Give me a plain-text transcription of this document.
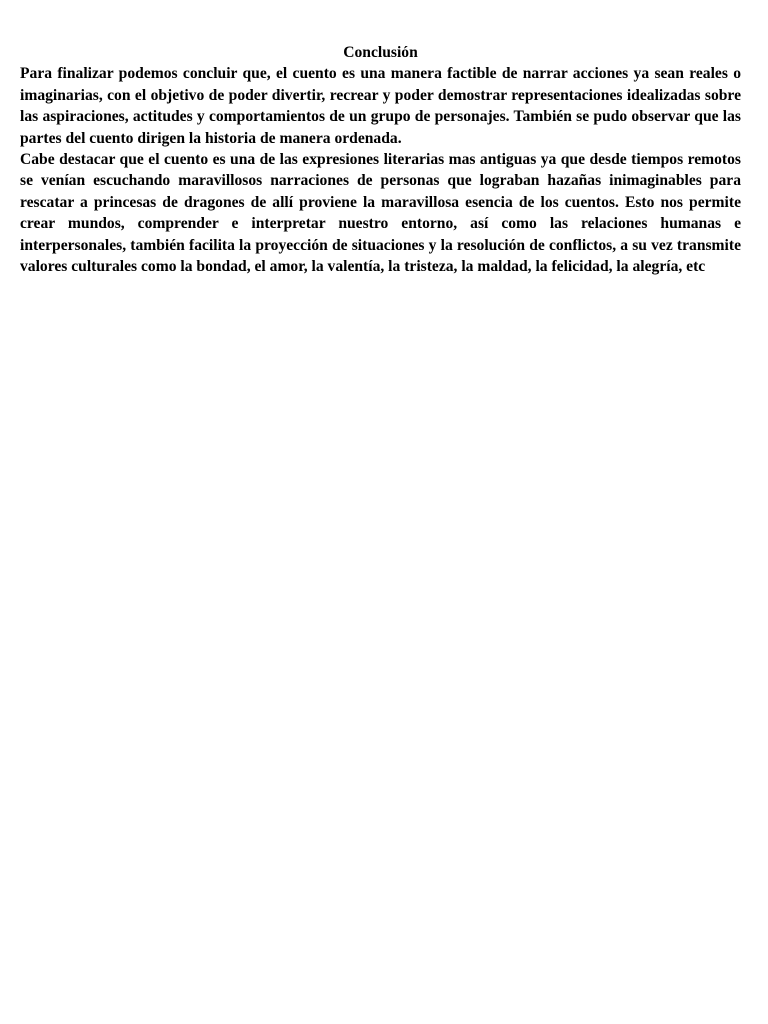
Conclusión

Para finalizar podemos concluir que, el cuento es una manera factible de narrar acciones ya sean reales o imaginarias, con el objetivo de poder divertir, recrear y poder demostrar representaciones idealizadas sobre las aspiraciones, actitudes y comportamientos de un grupo de personajes. También se pudo observar que las partes del cuento dirigen la historia de manera ordenada.

Cabe destacar que el cuento es una de las expresiones literarias mas antiguas ya que desde tiempos remotos se venían escuchando maravillosos narraciones de personas que lograban hazañas inimaginables para rescatar a princesas de dragones de allí proviene la maravillosa esencia de los cuentos. Esto nos permite crear mundos, comprender e interpretar nuestro entorno, así como las relaciones humanas e interpersonales, también facilita la proyección de situaciones y la resolución de conflictos, a su vez transmite valores culturales como la bondad, el amor, la valentía, la tristeza, la maldad, la felicidad, la alegría, etc
